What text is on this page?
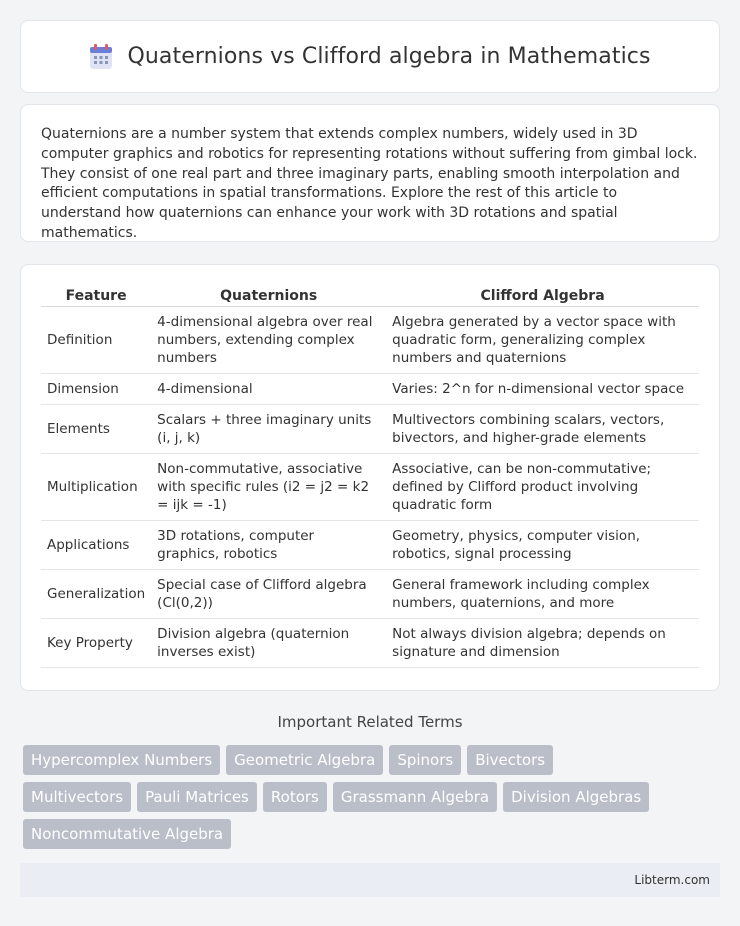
Quaternions vs Clifford algebra in Mathematics

Quaternions are a number system that extends complex numbers, widely used in 3D computer graphics and robotics for representing rotations without suffering from gimbal lock. They consist of one real part and three imaginary parts, enabling smooth interpolation and efficient computations in spatial transformations. Explore the rest of this article to understand how quaternions can enhance your work with 3D rotations and spatial mathematics.

Feature	Quaternions	Clifford Algebra
Definition	4-dimensional algebra over real numbers, extending complex numbers	Algebra generated by a vector space with quadratic form, generalizing complex numbers and quaternions
Dimension	4-dimensional	Varies: 2^n for n-dimensional vector space
Elements	Scalars + three imaginary units (i, j, k)	Multivectors combining scalars, vectors, bivectors, and higher-grade elements
Multiplication	Non-commutative, associative with specific rules (i2 = j2 = k2 = ijk = -1)	Associative, can be non-commutative; defined by Clifford product involving quadratic form
Applications	3D rotations, computer graphics, robotics	Geometry, physics, computer vision, robotics, signal processing
Generalization	Special case of Clifford algebra (Cl(0,2))	General framework including complex numbers, quaternions, and more
Key Property	Division algebra (quaternion inverses exist)	Not always division algebra; depends on signature and dimension
Important Related Terms
Hypercomplex Numbers	Geometric Algebra	Spinors	Bivectors
Multivectors	Pauli Matrices	Rotors	Grassmann Algebra	Division Algebras
Noncommutative Algebra
Libterm.com
